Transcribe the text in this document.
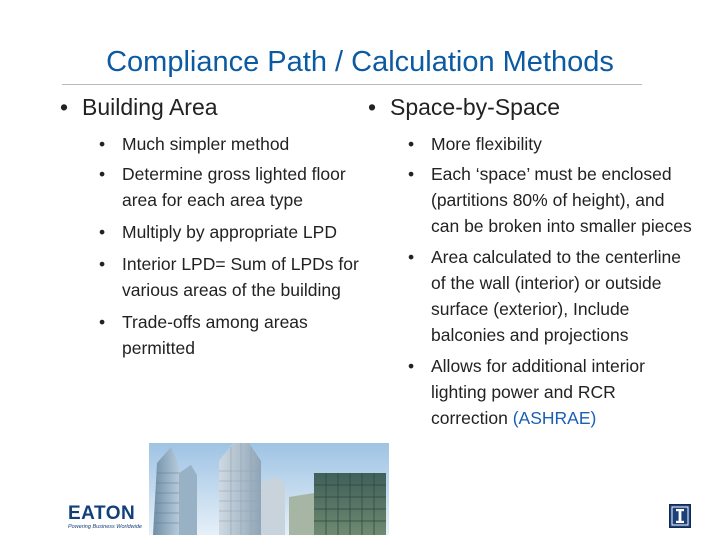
Compliance Path / Calculation Methods
• Building Area	• Space-by-Space
• Much simpler method
• Determine gross lighted floor area for each area type
• Multiply by appropriate LPD
• Interior LPD= Sum of LPDs for various areas of the building
• Trade-offs among areas permitted
• More flexibility
• Each ‘space’ must be enclosed (partitions 80% of height), and can be broken into smaller pieces
• Area calculated to the centerline of the wall (interior) or outside surface (exterior), Include balconies and projections
• Allows for additional interior lighting power and RCR correction (ASHRAE)
EATON
Powering Business Worldwide
